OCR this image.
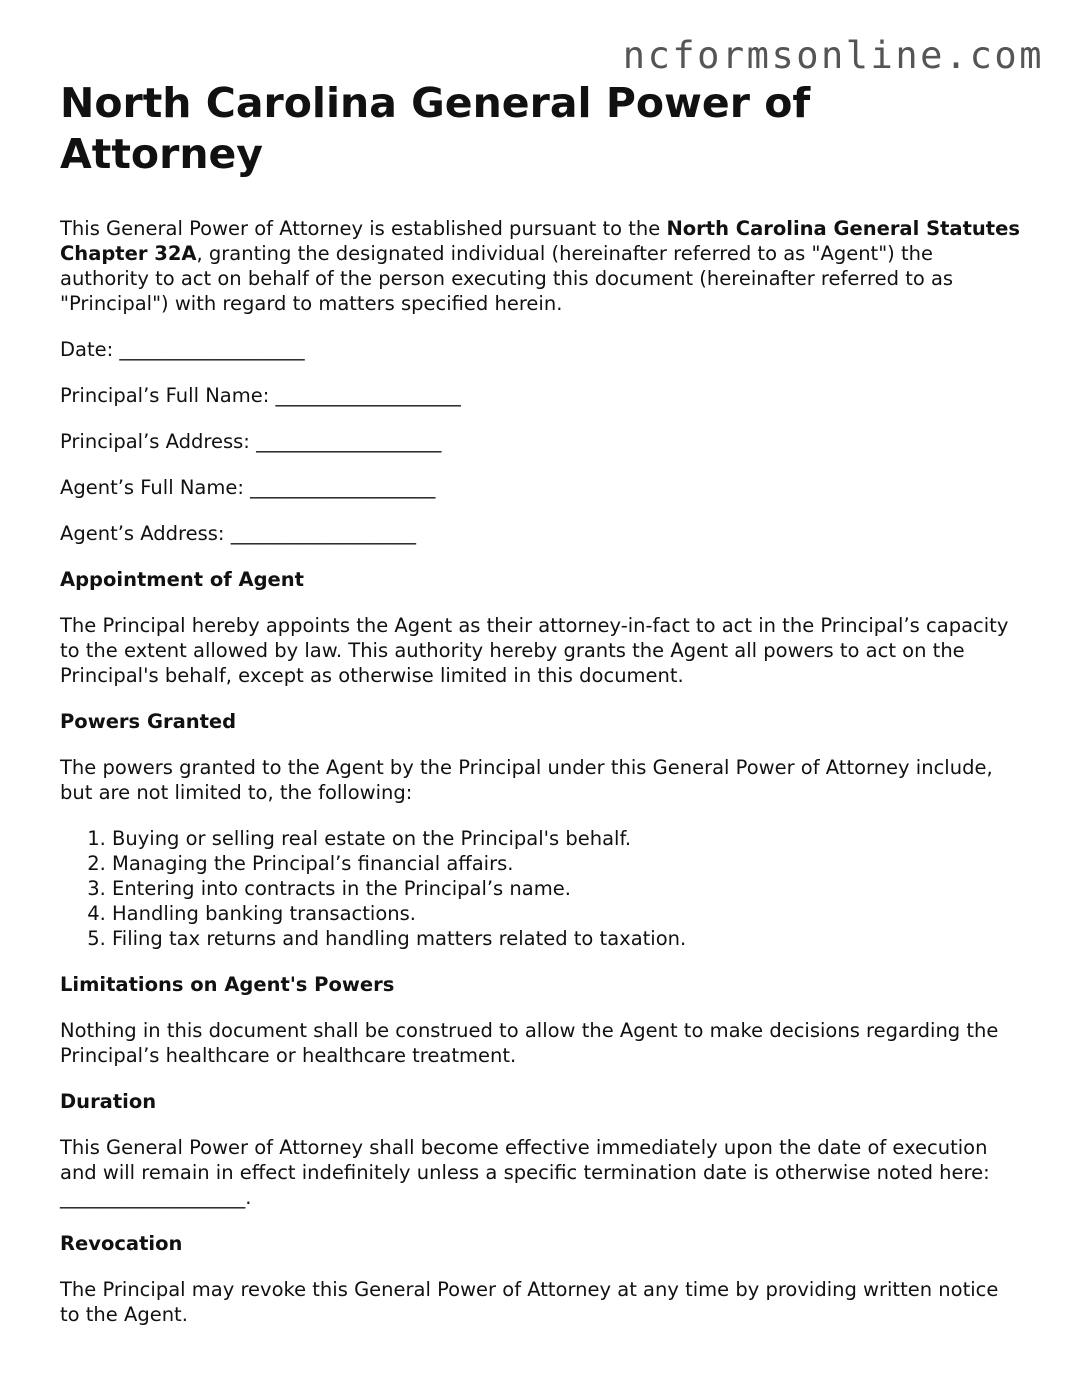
ncformsonline.com
North Carolina General Power of Attorney

This General Power of Attorney is established pursuant to the North Carolina General Statutes Chapter 32A, granting the designated individual (hereinafter referred to as "Agent") the authority to act on behalf of the person executing this document (hereinafter referred to as "Principal") with regard to matters specified herein.

Date: ___________________

Principal’s Full Name: ___________________

Principal’s Address: ___________________

Agent’s Full Name: ___________________

Agent’s Address: ___________________

Appointment of Agent

The Principal hereby appoints the Agent as their attorney-in-fact to act in the Principal’s capacity to the extent allowed by law. This authority hereby grants the Agent all powers to act on the Principal's behalf, except as otherwise limited in this document.

Powers Granted

The powers granted to the Agent by the Principal under this General Power of Attorney include, but are not limited to, the following:

1. Buying or selling real estate on the Principal's behalf.
2. Managing the Principal’s financial affairs.
3. Entering into contracts in the Principal’s name.
4. Handling banking transactions.
5. Filing tax returns and handling matters related to taxation.
Limitations on Agent's Powers

Nothing in this document shall be construed to allow the Agent to make decisions regarding the Principal’s healthcare or healthcare treatment.

Duration

This General Power of Attorney shall become effective immediately upon the date of execution and will remain in effect indefinitely unless a specific termination date is otherwise noted here: ___________________.

Revocation

The Principal may revoke this General Power of Attorney at any time by providing written notice to the Agent.
